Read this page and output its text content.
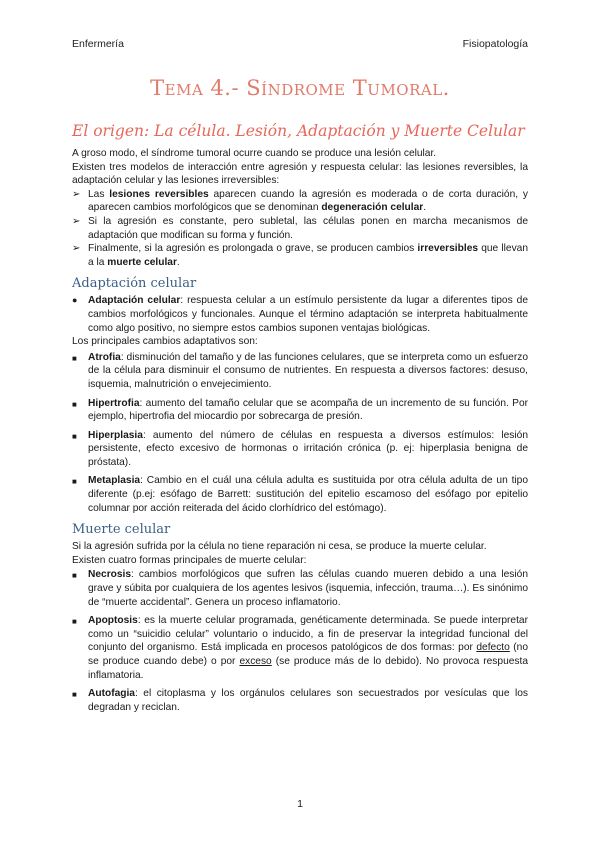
Enfermería	Fisiopatología
Tema 4.- Síndrome Tumoral.
El origen: La célula. Lesión, Adaptación y Muerte Celular

A groso modo, el síndrome tumoral ocurre cuando se produce una lesión celular.

Existen tres modelos de interacción entre agresión y respuesta celular: las lesiones reversibles, la adaptación celular y las lesiones irreversibles:

➢ Las lesiones reversibles aparecen cuando la agresión es moderada o de corta duración, y aparecen cambios morfológicos que se denominan degeneración celular.
➢ Si la agresión es constante, pero subletal, las células ponen en marcha mecanismos de adaptación que modifican su forma y función.
➢ Finalmente, si la agresión es prolongada o grave, se producen cambios irreversibles que llevan a la muerte celular.
Adaptación celular
●	Adaptación celular: respuesta celular a un estímulo persistente da lugar a diferentes tipos de cambios morfológicos y funcionales. Aunque el término adaptación se interpreta habitualmente como algo positivo, no siempre estos cambios suponen ventajas biológicas.

Los principales cambios adaptativos son:

■	Atrofia: disminución del tamaño y de las funciones celulares, que se interpreta como un esfuerzo de la célula para disminuir el consumo de nutrientes. En respuesta a diversos factores: desuso, isquemia, malnutrición o envejecimiento.
■	Hipertrofia: aumento del tamaño celular que se acompaña de un incremento de su función. Por ejemplo, hipertrofia del miocardio por sobrecarga de presión.
■	Hiperplasia: aumento del número de células en respuesta a diversos estímulos: lesión persistente, efecto excesivo de hormonas o irritación crónica (p. ej: hiperplasia benigna de próstata).
■	Metaplasia: Cambio en el cuál una célula adulta es sustituida por otra célula adulta de un tipo diferente (p.ej: esófago de Barrett: sustitución del epitelio escamoso del esófago por epitelio columnar por acción reiterada del ácido clorhídrico del estómago).
Muerte celular

Si la agresión sufrida por la célula no tiene reparación ni cesa, se produce la muerte celular.

Existen cuatro formas principales de muerte celular:

■	Necrosis: cambios morfológicos que sufren las células cuando mueren debido a una lesión grave y súbita por cualquiera de los agentes lesivos (isquemia, infección, trauma…). Es sinónimo de “muerte accidental”. Genera un proceso inflamatorio.
■	Apoptosis: es la muerte celular programada, genéticamente determinada. Se puede interpretar como un “suicidio celular” voluntario o inducido, a fin de preservar la integridad funcional del conjunto del organismo. Está implicada en procesos patológicos de dos formas: por defecto (no se produce cuando debe) o por exceso (se produce más de lo debido). No provoca respuesta inflamatoria.
■	Autofagia: el citoplasma y los orgánulos celulares son secuestrados por vesículas que los degradan y reciclan.
1
